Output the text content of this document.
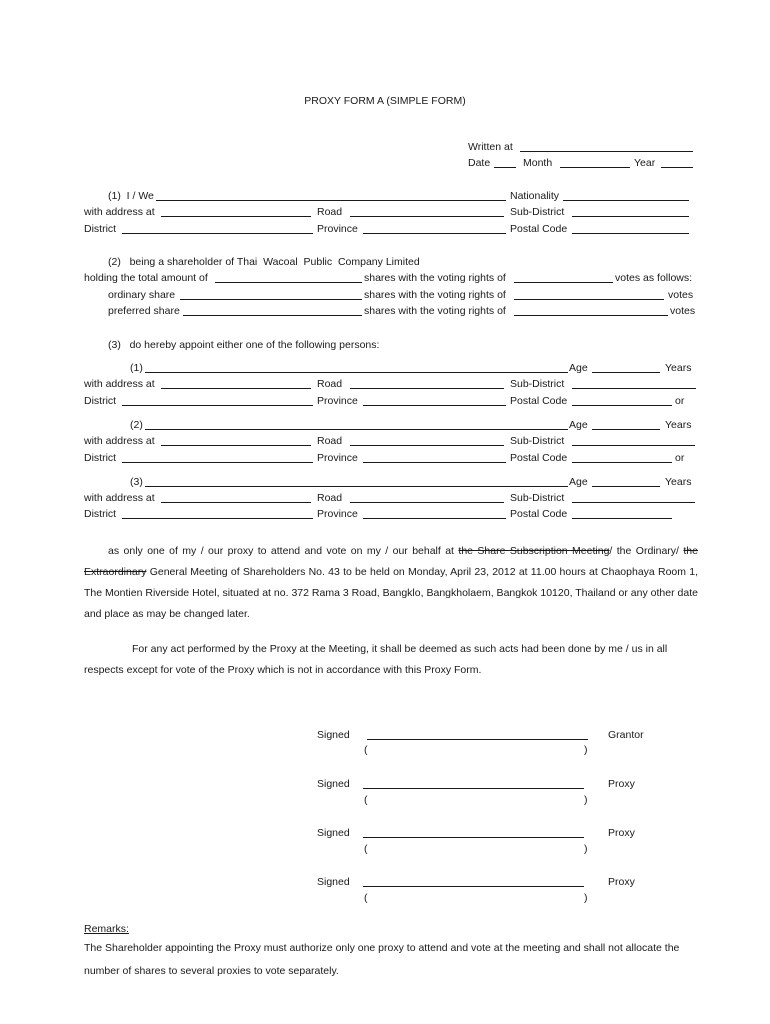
PROXY FORM A (SIMPLE FORM)
Written at
Date	Month	Year
(1)  I / We	Nationality
with address at	Road	Sub-District
District	Province	Postal Code
(2)   being a shareholder of Thai  Wacoal  Public  Company Limited
holding the total amount of	shares with the voting rights of	votes as follows:
ordinary share	shares with the voting rights of	votes
preferred share	shares with the voting rights of	votes
(3)   do hereby appoint either one of the following persons:
(1)	Age	Years
with address at	Road	Sub-District
District	Province	Postal Code	or
(2)	Age	Years
with address at	Road	Sub-District
District	Province	Postal Code	or
(3)	Age	Years
with address at	Road	Sub-District
District	Province	Postal Code
as only one of my / our proxy to attend and vote on my / our behalf at the Share Subscription Meeting/ the Ordinary/ the Extraordinary General Meeting of Shareholders No. 43 to be held on Monday, April 23, 2012 at 11.00 hours at Chaophaya Room 1, The Montien Riverside Hotel, situated at no. 372 Rama 3 Road, Bangklo, Bangkholaem, Bangkok 10120, Thailand or any other date and place as may be changed later.
For any act performed by the Proxy at the Meeting, it shall be deemed as such acts had been done by me / us in all respects except for vote of the Proxy which is not in accordance with this Proxy Form.
Signed	Grantor
(	)
Signed	Proxy
(	)
Signed	Proxy
(	)
Signed	Proxy
(	)
Remarks:
The Shareholder appointing the Proxy must authorize only one proxy to attend and vote at the meeting and shall not allocate the number of shares to several proxies to vote separately.
